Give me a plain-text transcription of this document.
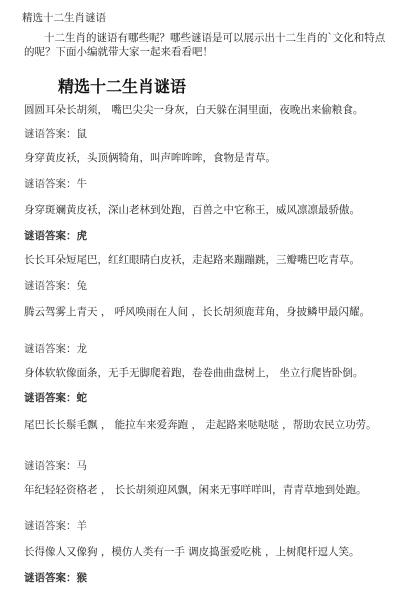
精选十二生肖谜语
十二生肖的谜语有哪些呢？哪些谜语是可以展示出十二生肖的`文化和特点
的呢？下面小编就带大家一起来看看吧！
精选十二生肖谜语
圆圆耳朵长胡须， 嘴巴尖尖一身灰，白天躲在洞里面，夜晚出来偷粮食。
谜语答案：鼠
身穿黄皮袄，头顶俩犄角，叫声哞哞哞，食物是青草。
谜语答案：牛
身穿斑斓黄皮袄，深山老林到处跑，百兽之中它称王，威风凛凛最骄傲。
谜语答案：虎
长长耳朵短尾巴，红红眼睛白皮袄，走起路来蹦蹦跳，三瓣嘴巴吃青草。
谜语答案：兔
腾云驾雾上青天 ， 呼风唤雨在人间 ，长长胡须鹿茸角，身披鳞甲最闪耀。
谜语答案：龙
身体软软像面条，无手无脚爬着跑，卷卷曲曲盘树上， 坐立行爬皆卧倒。
谜语答案：蛇
尾巴长长鬃毛飘 ， 能拉车来爱奔跑 ， 走起路来哒哒哒 ，帮助农民立功劳。
谜语答案：马
年纪轻轻资格老 ， 长长胡须迎风飘，闲来无事咩咩叫，青青草地到处跑。
谜语答案：羊
长得像人又像狗 ，模仿人类有一手 调皮捣蛋爱吃桃 ，上树爬杆逗人笑。
谜语答案：猴
